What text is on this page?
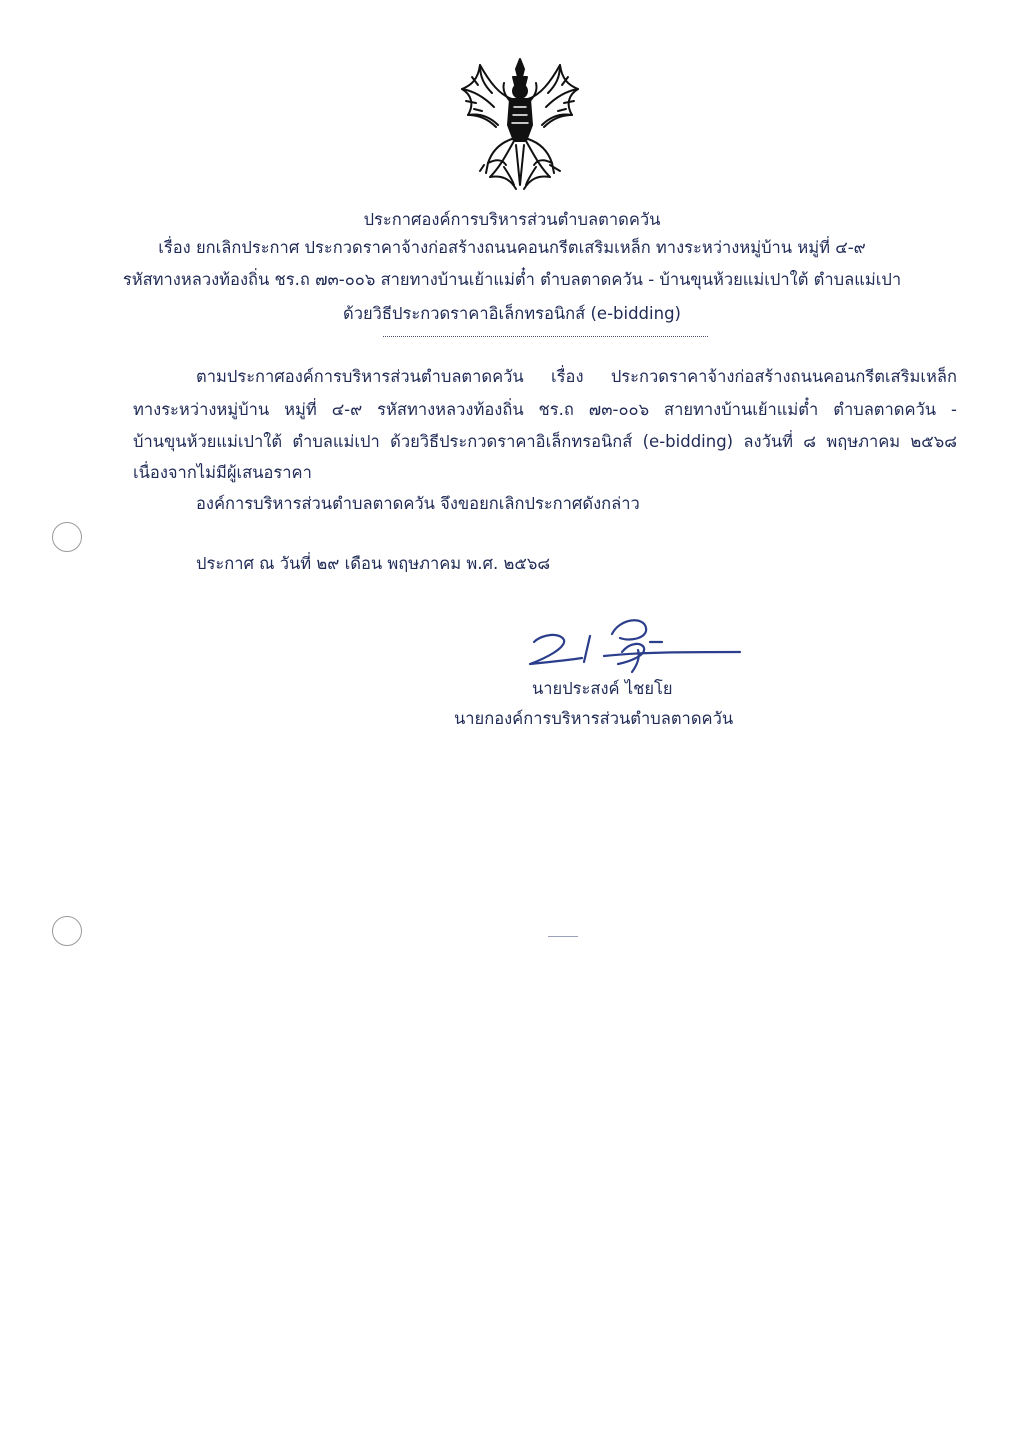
ประกาศองค์การบริหารส่วนตำบลตาดควัน
เรื่อง ยกเลิกประกาศ ประกวดราคาจ้างก่อสร้างถนนคอนกรีตเสริมเหล็ก ทางระหว่างหมู่บ้าน หมู่ที่ ๔-๙
รหัสทางหลวงท้องถิ่น ชร.ถ ๗๓-๐๐๖ สายทางบ้านเย้าแม่ต๋ำ ตำบลตาดควัน - บ้านขุนห้วยแม่เปาใต้ ตำบลแม่เปา
ด้วยวิธีประกวดราคาอิเล็กทรอนิกส์ (e-bidding)
ตามประกาศองค์การบริหารส่วนตำบลตาดควัน เรื่อง ประกวดราคาจ้างก่อสร้างถนนคอนกรีตเสริมเหล็ก
ทางระหว่างหมู่บ้าน หมู่ที่ ๔-๙ รหัสทางหลวงท้องถิ่น ชร.ถ ๗๓-๐๐๖ สายทางบ้านเย้าแม่ต๋ำ ตำบลตาดควัน -
บ้านขุนห้วยแม่เปาใต้ ตำบลแม่เปา ด้วยวิธีประกวดราคาอิเล็กทรอนิกส์ (e-bidding) ลงวันที่ ๘ พฤษภาคม ๒๕๖๘
เนื่องจากไม่มีผู้เสนอราคา
องค์การบริหารส่วนตำบลตาดควัน จึงขอยกเลิกประกาศดังกล่าว
ประกาศ ณ วันที่ ๒๙ เดือน พฤษภาคม พ.ศ. ๒๕๖๘
นายประสงค์ ไชยโย
นายกองค์การบริหารส่วนตำบลตาดควัน
